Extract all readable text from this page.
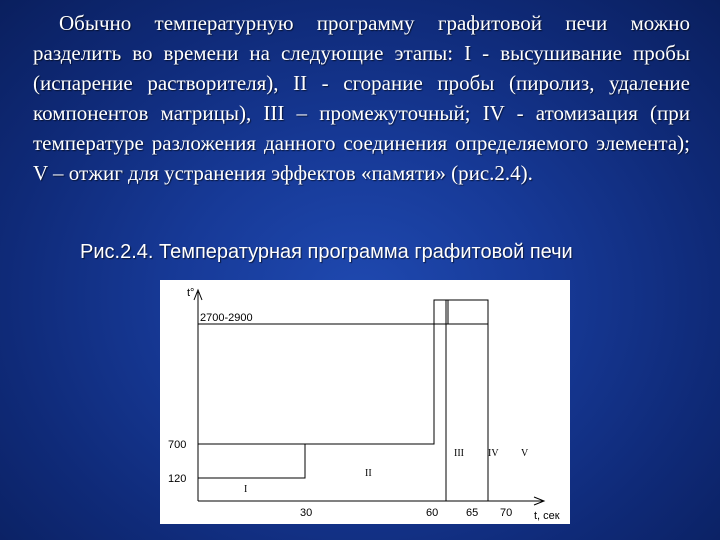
Обычно температурную программу графитовой печи можно разделить во времени на следующие этапы: I - высушивание пробы (испарение растворителя), II - сгорание пробы (пиролиз, удаление компонентов матрицы), III – промежуточный; IV - атомизация (при температуре разложения данного соединения определяемого элемента); V – отжиг для устранения эффектов «памяти» (рис.2.4).

Рис.2.4. Температурная программа графитовой печи

t°
2700-2900
700
120
30	60	65 70 t, сек
I
II
III IV V
